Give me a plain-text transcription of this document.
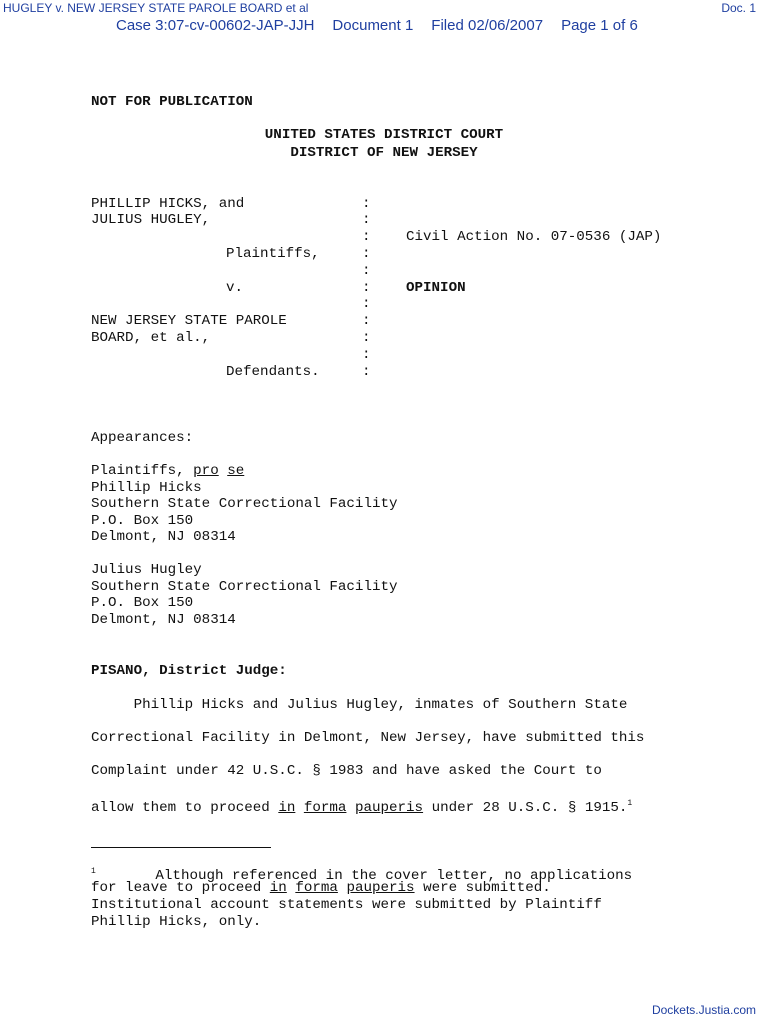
HUGLEY v. NEW JERSEY STATE PAROLE BOARD et al	Doc. 1
Case 3:07-cv-00602-JAP-JJH Document 1 Filed 02/06/2007 Page 1 of 6
NOT FOR PUBLICATION
UNITED STATES DISTRICT COURT
DISTRICT OF NEW JERSEY
PHILLIP HICKS, and
JULIUS HUGLEY,
Plaintiffs,
v.
NEW JERSEY STATE PAROLE
BOARD, et al.,
Defendants.
:
:
:
:
:
:
:
:
:
:
:
Civil Action No. 07-0536 (JAP)
OPINION
Appearances:
Plaintiffs, pro se
Phillip Hicks
Southern State Correctional Facility
P.O. Box 150
Delmont, NJ 08314
Julius Hugley
Southern State Correctional Facility
P.O. Box 150
Delmont, NJ 08314
PISANO, District Judge:
Phillip Hicks and Julius Hugley, inmates of Southern State
Correctional Facility in Delmont, New Jersey, have submitted this
Complaint under 42 U.S.C. § 1983 and have asked the Court to
allow them to proceed in forma pauperis under 28 U.S.C. § 1915.$^1$
$^1$       Although referenced in the cover letter, no applications
for leave to proceed in forma pauperis were submitted.
Institutional account statements were submitted by Plaintiff
Phillip Hicks, only.
Dockets.Justia.com
